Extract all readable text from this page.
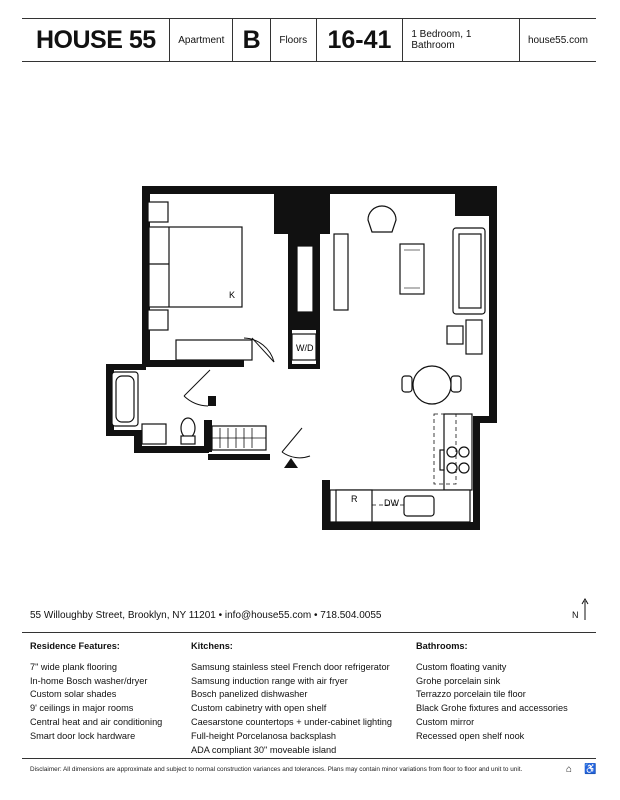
HOUSE 55	Apartment B	Floors 16-41	1 Bedroom, 1 Bathroom	house55.com
K
W/D
R	DW
55 Willoughby Street, Brooklyn, NY 11201 • info@house55.com • 718.504.0055	N
Residence Features:
7" wide plank flooring
In-home Bosch washer/dryer
Custom solar shades
9' ceilings in major rooms
Central heat and air conditioning
Smart door lock hardware
Kitchens:
Samsung stainless steel French door refrigerator
Samsung induction range with air fryer
Bosch panelized dishwasher
Custom cabinetry with open shelf
Caesarstone countertops + under-cabinet lighting
Full-height Porcelanosa backsplash
ADA compliant 30" moveable island
Bathrooms:
Custom floating vanity
Grohe porcelain sink
Terrazzo porcelain tile floor
Black Grohe fixtures and accessories
Custom mirror
Recessed open shelf nook
Disclaimer: All dimensions are approximate and subject to normal construction variances and tolerances. Plans may contain minor variations from floor to floor and unit to unit.	⌂ ♿
